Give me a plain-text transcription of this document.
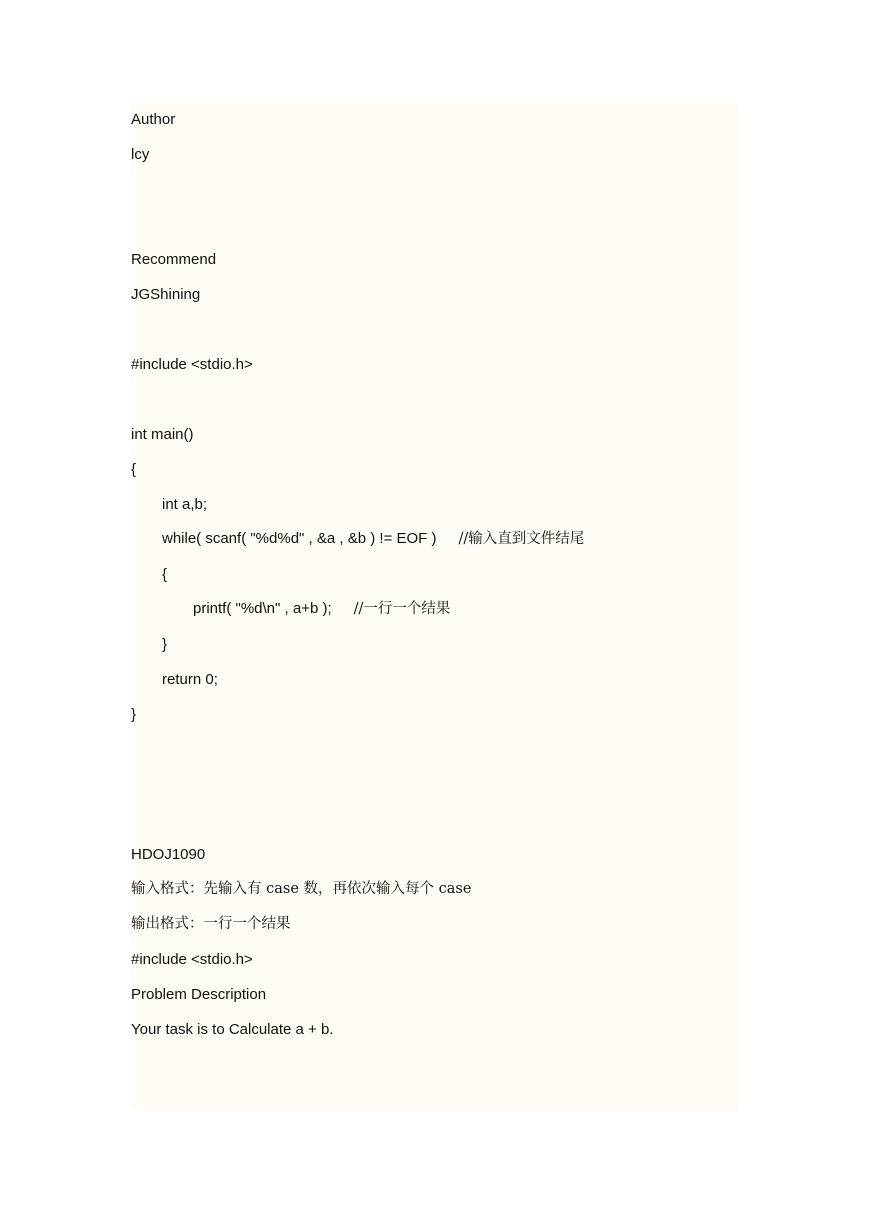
Author
lcy
Recommend
JGShining
#include <stdio.h>
int main()
{
int a,b;
while( scanf( "%d%d" , &a , &b ) != EOF ) //输入直到文件结尾
{
printf( "%d\n" , a+b ); //一行一个结果
}
return 0;
}
HDOJ1090
输入格式：先输入有 case 数，再依次输入每个 case
输出格式：一行一个结果
#include <stdio.h>
Problem Description
Your task is to Calculate a + b.
